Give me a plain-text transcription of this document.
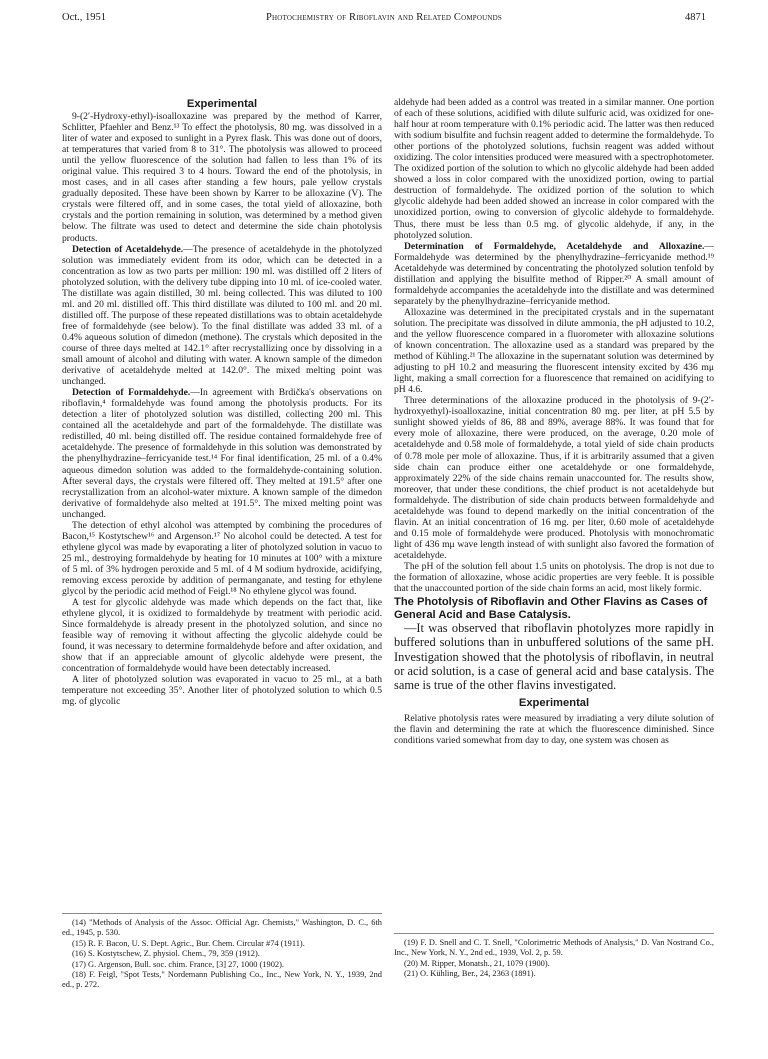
Oct., 1951	Photochemistry of Riboflavin and Related Compounds	4871
Experimental

9-(2′-Hydroxy-ethyl)-isoalloxazine was prepared by the method of Karrer, Schlitter, Pfaehler and Benz.¹³ To effect the photolysis, 80 mg. was dissolved in a liter of water and exposed to sunlight in a Pyrex flask. This was done out of doors, at temperatures that varied from 8 to 31°. The photolysis was allowed to proceed until the yellow fluorescence of the solution had fallen to less than 1% of its original value. This required 3 to 4 hours. Toward the end of the photolysis, in most cases, and in all cases after standing a few hours, pale yellow crystals gradually deposited. These have been shown by Karrer to be alloxazine (V). The crystals were filtered off, and in some cases, the total yield of alloxazine, both crystals and the portion remaining in solution, was determined by a method given below. The filtrate was used to detect and determine the side chain photolysis products.

Detection of Acetaldehyde.—The presence of acetaldehyde in the photolyzed solution was immediately evident from its odor, which can be detected in a concentration as low as two parts per million: 190 ml. was distilled off 2 liters of photolyzed solution, with the delivery tube dipping into 10 ml. of ice-cooled water. The distillate was again distilled, 30 ml. being collected. This was diluted to 100 ml. and 20 ml. distilled off. This third distillate was diluted to 100 ml. and 20 ml. distilled off. The purpose of these repeated distillations was to obtain acetaldehyde free of formaldehyde (see below). To the final distillate was added 33 ml. of a 0.4% aqueous solution of dimedon (methone). The crystals which deposited in the course of three days melted at 142.1° after recrystallizing once by dissolving in a small amount of alcohol and diluting with water. A known sample of the dimedon derivative of acetaldehyde melted at 142.0°. The mixed melting point was unchanged.

Detection of Formaldehyde.—In agreement with Brdička's observations on riboflavin,⁴ formaldehyde was found among the photolysis products. For its detection a liter of photolyzed solution was distilled, collecting 200 ml. This contained all the acetaldehyde and part of the formaldehyde. The distillate was redistilled, 40 ml. being distilled off. The residue contained formaldehyde free of acetaldehyde. The presence of formaldehyde in this solution was demonstrated by the phenylhydrazine–ferricyanide test.¹⁴ For final identification, 25 ml. of a 0.4% aqueous dimedon solution was added to the formaldehyde-containing solution. After several days, the crystals were filtered off. They melted at 191.5° after one recrystallization from an alcohol-water mixture. A known sample of the dimedon derivative of formaldehyde also melted at 191.5°. The mixed melting point was unchanged.

The detection of ethyl alcohol was attempted by combining the procedures of Bacon,¹⁵ Kostytschew¹⁶ and Argenson.¹⁷ No alcohol could be detected. A test for ethylene glycol was made by evaporating a liter of photolyzed solution in vacuo to 25 ml., destroying formaldehyde by heating for 10 minutes at 100° with a mixture of 5 ml. of 3% hydrogen peroxide and 5 ml. of 4 M sodium hydroxide, acidifying, removing excess peroxide by addition of permanganate, and testing for ethylene glycol by the periodic acid method of Feigl.¹⁸ No ethylene glycol was found.

A test for glycolic aldehyde was made which depends on the fact that, like ethylene glycol, it is oxidized to formaldehyde by treatment with periodic acid. Since formaldehyde is already present in the photolyzed solution, and since no feasible way of removing it without affecting the glycolic aldehyde could be found, it was necessary to determine formaldehyde before and after oxidation, and show that if an appreciable amount of glycolic aldehyde were present, the concentration of formaldehyde would have been detectably increased.

A liter of photolyzed solution was evaporated in vacuo to 25 ml., at a bath temperature not exceeding 35°. Another liter of photolyzed solution to which 0.5 mg. of glycolic

aldehyde had been added as a control was treated in a similar manner. One portion of each of these solutions, acidified with dilute sulfuric acid, was oxidized for one-half hour at room temperature with 0.1% periodic acid. The latter was then reduced with sodium bisulfite and fuchsin reagent added to determine the formaldehyde. To other portions of the photolyzed solutions, fuchsin reagent was added without oxidizing. The color intensities produced were measured with a spectrophotometer. The oxidized portion of the solution to which no glycolic aldehyde had been added showed a loss in color compared with the unoxidized portion, owing to partial destruction of formaldehyde. The oxidized portion of the solution to which glycolic aldehyde had been added showed an increase in color compared with the unoxidized portion, owing to conversion of glycolic aldehyde to formaldehyde. Thus, there must be less than 0.5 mg. of glycolic aldehyde, if any, in the photolyzed solution.

Determination of Formaldehyde, Acetaldehyde and Alloxazine.—Formaldehyde was determined by the phenylhydrazine–ferricyanide method.¹⁹ Acetaldehyde was determined by concentrating the photolyzed solution tenfold by distillation and applying the bisulfite method of Ripper.²⁰ A small amount of formaldehyde accompanies the acetaldehyde into the distillate and was determined separately by the phenylhydrazine–ferricyanide method.

Alloxazine was determined in the precipitated crystals and in the supernatant solution. The precipitate was dissolved in dilute ammonia, the pH adjusted to 10.2, and the yellow fluorescence compared in a fluorometer with alloxazine solutions of known concentration. The alloxazine used as a standard was prepared by the method of Kühling.²¹ The alloxazine in the supernatant solution was determined by adjusting to pH 10.2 and measuring the fluorescent intensity excited by 436 mμ light, making a small correction for a fluorescence that remained on acidifying to pH 4.6.

Three determinations of the alloxazine produced in the photolysis of 9-(2′-hydroxyethyl)-isoalloxazine, initial concentration 80 mg. per liter, at pH 5.5 by sunlight showed yields of 86, 88 and 89%, average 88%. It was found that for every mole of alloxazine, there were produced, on the average, 0.20 mole of acetaldehyde and 0.58 mole of formaldehyde, a total yield of side chain products of 0.78 mole per mole of alloxazine. Thus, if it is arbitrarily assumed that a given side chain can produce either one acetaldehyde or one formaldehyde, approximately 22% of the side chains remain unaccounted for. The results show, moreover, that under these conditions, the chief product is not acetaldehyde but formaldehyde. The distribution of side chain products between formaldehyde and acetaldehyde was found to depend markedly on the initial concentration of the flavin. At an initial concentration of 16 mg. per liter, 0.60 mole of acetaldehyde and 0.15 mole of formaldehyde were produced. Photolysis with monochromatic light of 436 mμ wave length instead of with sunlight also favored the formation of acetaldehyde.

The pH of the solution fell about 1.5 units on photolysis. The drop is not due to the formation of alloxazine, whose acidic properties are very feeble. It is possible that the unaccounted portion of the side chain forms an acid, most likely formic.

The Photolysis of Riboflavin and Other Flavins as Cases of General Acid and Base Catalysis.

—It was observed that riboflavin photolyzes more rapidly in buffered solutions than in unbuffered solutions of the same pH. Investigation showed that the photolysis of riboflavin, in neutral or acid solution, is a case of general acid and base catalysis. The same is true of the other flavins investigated.

Experimental

Relative photolysis rates were measured by irradiating a very dilute solution of the flavin and determining the rate at which the fluorescence diminished. Since conditions varied somewhat from day to day, one system was chosen as

(14) "Methods of Analysis of the Assoc. Official Agr. Chemists," Washington, D. C., 6th ed., 1945, p. 530.

(15) R. F. Bacon, U. S. Dept. Agric., Bur. Chem. Circular #74 (1911).

(16) S. Kostytschew, Z. physiol. Chem., 79, 359 (1912).

(17) G. Argenson, Bull. soc. chim. France, [3] 27, 1000 (1902).

(18) F. Feigl, "Spot Tests," Nordemann Publishing Co., Inc., New York, N. Y., 1939, 2nd ed., p. 272.

(19) F. D. Snell and C. T. Snell, "Colorimetric Methods of Analysis," D. Van Nostrand Co., Inc., New York, N. Y., 2nd ed., 1939, Vol. 2, p. 59.

(20) M. Ripper, Monatsh., 21, 1079 (1900).

(21) O. Kühling, Ber., 24, 2363 (1891).
